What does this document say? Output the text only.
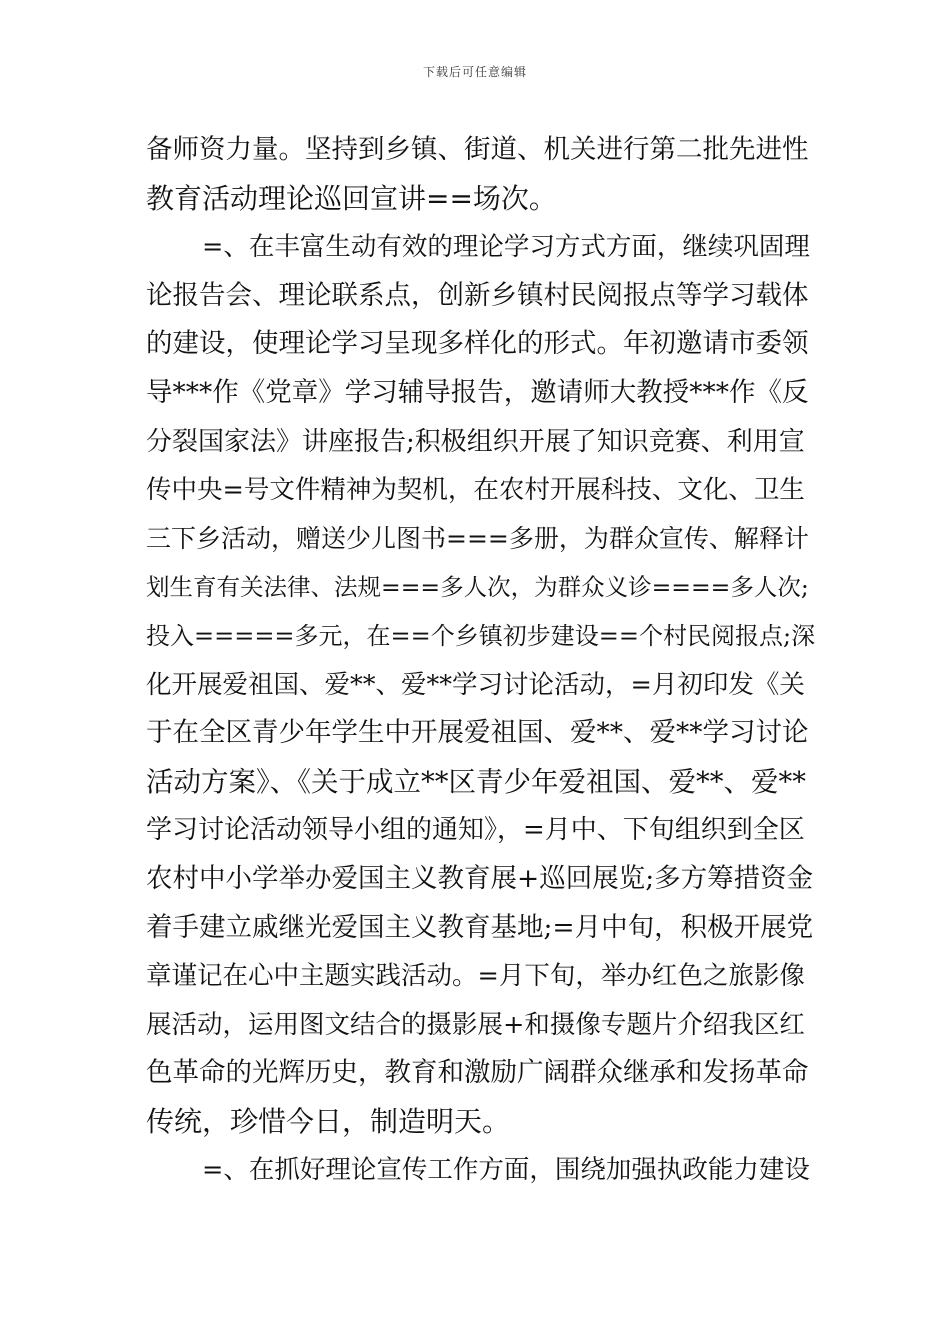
下载后可任意编辑
备师资力量。坚持到乡镇、街道、机关进行第二批先进性
教育活动理论巡回宣讲==场次。
=、在丰富生动有效的理论学习方式方面，继续巩固理
论报告会、理论联系点，创新乡镇村民阅报点等学习载体
的建设，使理论学习呈现多样化的形式。年初邀请市委领
导***作《党章》学习辅导报告，邀请师大教授***作《反
分裂国家法》讲座报告;积极组织开展了知识竞赛、利用宣
传中央=号文件精神为契机，在农村开展科技、文化、卫生
三下乡活动，赠送少儿图书===多册，为群众宣传、解释计
划生育有关法律、法规===多人次，为群众义诊====多人次;
投入=====多元，在==个乡镇初步建设==个村民阅报点;深
化开展爱祖国、爱**、爱**学习讨论活动，=月初印发《关
于在全区青少年学生中开展爱祖国、爱**、爱**学习讨论
活动方案》、《关于成立**区青少年爱祖国、爱**、爱**
学习讨论活动领导小组的通知》，=月中、下旬组织到全区
农村中小学举办爱国主义教育展+巡回展览;多方筹措资金
着手建立戚继光爱国主义教育基地;=月中旬，积极开展党
章谨记在心中主题实践活动。=月下旬，举办红色之旅影像
展活动，运用图文结合的摄影展+和摄像专题片介绍我区红
色革命的光辉历史，教育和激励广阔群众继承和发扬革命
传统，珍惜今日，制造明天。
=、在抓好理论宣传工作方面，围绕加强执政能力建设
